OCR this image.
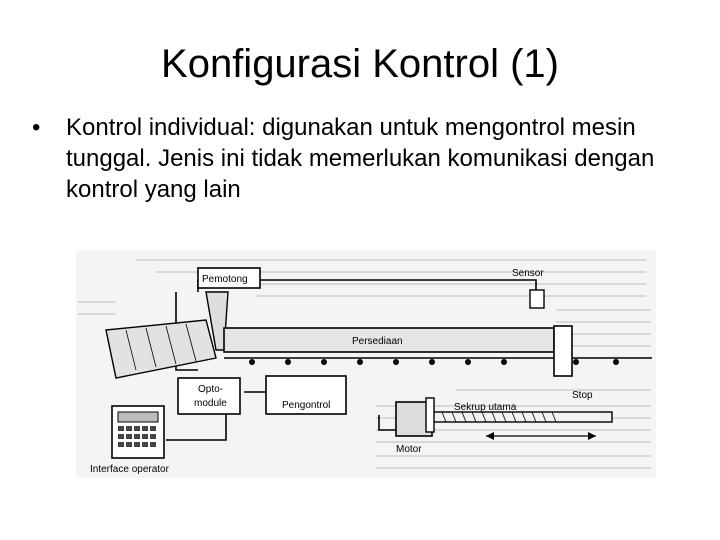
Konfigurasi Kontrol (1)
• Kontrol individual: digunakan untuk mengontrol mesin tunggal. Jenis ini tidak memerlukan komunikasi dengan kontrol yang lain
Pemotong
Sensor
Persediaan
Stop
Opto-
module	Pengontrol
Motor
Sekrup utama
Interface operator
